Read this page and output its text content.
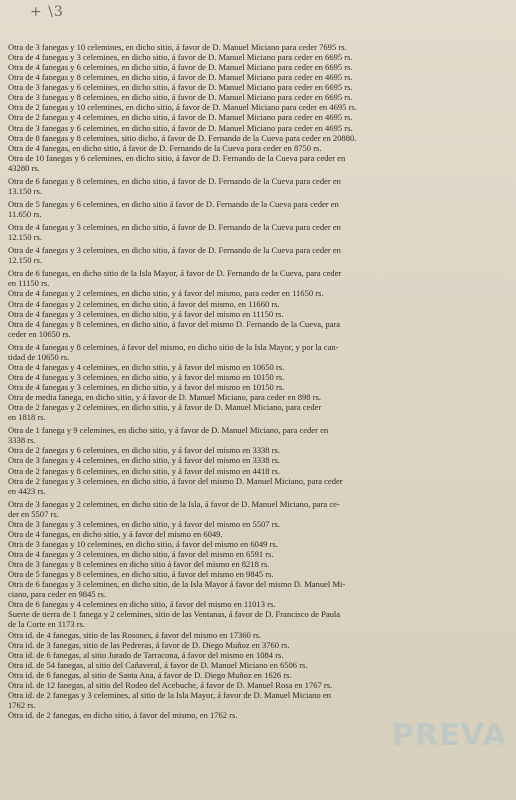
+ \3
Otra de 3 fanegas y 10 celemines, en dicho sitio, á favor de D. Manuel Miciano para ceder 7695 rs.
Otra de 4 fanegas y 3 celemines, en dicho sitio, á favor de D. Manuel Miciano para ceder en 6695 rs.
Otra de 4 fanegas y 6 celemines, en dicho sitio, á favor de D. Manuel Miciano para ceder en 6695 rs.
Otra de 4 fanegas y 8 celemines, en dicho sitio, á favor de D. Manuel Miciano para ceder en 4695 rs.
Otra de 3 fanegas y 6 celemines, en dicho sitio, á favor de D. Manuel Miciano para ceder en 6695 rs.
Otra de 3 fanegas y 8 celemines, en dicho sitio, á favor de D. Manuel Miciano para ceder en 6695 rs.
Otra de 2 fanegas y 10 celemines, en dicho sitio, á favor de D. Manuel Miciano para ceder en 4695 rs.
Otra de 2 fanegas y 4 celemines, en dicho sitio, á favor de D. Manuel Miciano para ceder en 4695 rs.
Otra de 3 fanegas y 6 celemines, en dicho sitio, á favor de D. Manuel Miciano para ceder en 4695 rs.
Otra de 8 fanegas y 8 celemines, sitio dicho, á favor de D. Fernando de la Cueva para ceder en 20880.
Otra de 4 fanegas, en dicho sitio, á favor de D. Fernando de la Cueva para ceder en 8750 rs.
Otra de 10 fanegas y 6 celemines, en dicho sitio, á favor de D. Fernando de la Cueva para ceder en
43280 rs.
Otra de 6 fanegas y 8 celemines, en dicho sitio, á favor de D. Fernando de la Cueva para ceder en
13.150 rs.
Otra de 5 fanegas y 6 celemines, en dicho sitio á favor de D. Fernando de la Cueva para ceder en
11.650 rs.
Otra de 4 fanegas y 3 celemines, en dicho sitio, á favor de D. Fernando de la Cueva para ceder en
12.150 rs.
Otra de 4 fanegas y 3 celemines, en dicho sitio, á favor de D. Fernando de la Cueva para ceder en
12.150 rs.
Otra de 6 fanegas, en dicho sitio de la Isla Mayor, á favor de D. Fernando de la Cueva, para ceder
en 11150 rs.
Otra de 4 fanegas y 2 celemines, en dicho sitio, y á favor del mismo, para ceder en 11650 rs.
Otra de 4 fanegas y 2 celemines, en dicho sitio, á favor del mismo, en 11660 rs.
Otra de 4 fanegas y 3 celemines, en dicho sitio, y á favor del mismo en 11150 rs.
Otra de 4 fanegas y 8 celemines, en dicho sitio, á favor del mismo D. Fernando de la Cueva, para
ceder en 10650 rs.
Otra de 4 fanegas y 8 celemines, á favor del mismo, en dicho sitio de la Isla Mayor, y por la can-
tidad de 10650 rs.
Otra de 4 fanegas y 4 celemines, en dicho sitio, y á favor del mismo en 10650 rs.
Otra de 4 fanegas y 3 celemines, en dicho sitio, y á favor del mismo en 10150 rs.
Otra de 4 fanegas y 3 celemines, en dicho sitio, y á favor del mismo en 10150 rs.
Otra de media fanega, en dicho sitio, y á favor de D. Manuel Miciano, para ceder en 898 rs.
Otra de 2 fanegas y 2 celemines, en dicho sitio, y á favor de D. Manuel Miciano, para ceder
en 1818 rs.
Otra de 1 fanega y 9 celemines, en dicho sitio, y á favor de D. Manuel Miciano, para ceder en
3338 rs.
Otra de 2 fanegas y 6 celemines, en dicho sitio, y á favor del mismo en 3338 rs.
Otra de 3 fanegas y 4 celemines, en dicho sitio, y á favor del mismo en 3338 rs.
Otra de 2 fanegas y 8 celemines, en dicho sitio, y á favor del mismo en 4418 rs.
Otra de 2 fanegas y 3 celemines, en dicho sitio, á favor del mismo D. Manuel Miciano, para ceder
en 4423 rs.
Otra de 3 fanegas y 2 celemines, en dicho sitio de la Isla, á favor de D. Manuel Miciano, para ce-
der en 5507 rs.
Otra de 3 fanegas y 3 celemines, en dicho sitio, y á favor del mismo en 5507 rs.
Otra de 4 fanegas, en dicho sitio, y á favor del mismo en 6049.
Otra de 3 fanegas y 10 celemines, en dicho sitio, á favor del mismo en 6049 rs.
Otra de 4 fanegas y 3 celemines, en dicho sitio, á favor del mismo en 6591 rs.
Otra de 3 fanegas y 8 celemines en dicho sitio á favor del mismo en 8218 rs.
Otra de 5 fanegas y 8 celemines, en dicho sitio, á favor del mismo en 9845 rs.
Otra de 6 fanegas y 3 celemines, en dicho sitio, de la Isla Mayor á favor del mismo D. Manuel Mi-
ciano, para ceder en 9845 rs.
Otra de 6 fanegas y 4 celemines en dicho sitio, á favor del mismo en 11013 rs.
Suerte de tierra de 1 fanega y 2 celemines, sitio de las Ventanas, á favor de D. Francisco de Paula
de la Corte en 1173 rs.
Otra id. de 4 fanegas, sitio de las Rosones, á favor del mismo en 17360 rs.
Otra id. de 3 fanegas, sitio de las Pedreras, á favor de D. Diego Muñoz en 3760 rs.
Otra id. de 6 fanegas, al sitio Jurado de Tarracona, á favor del mismo en 1084 rs.
Otra id. de 54 fanegas, al sitio del Cañaveral, á favor de D. Manuel Miciano en 6506 rs.
Otra id. de 6 fanegas, al sitio de Santa Ana, á favor de D. Diego Muñoz en 1626 rs.
Otra id. de 12 fanegas, al sitio del Rodeo del Acebuche, á favor de D. Manuel Rosa en 1767 rs.
Otra id. de 2 fanegas y 3 celemines, al sitio de la Isla Mayor, á favor de D. Manuel Miciano en
1762 rs.
Otra id. de 2 fanegas, en dicho sitio, á favor del mismo, en 1762 rs.
PREVA
